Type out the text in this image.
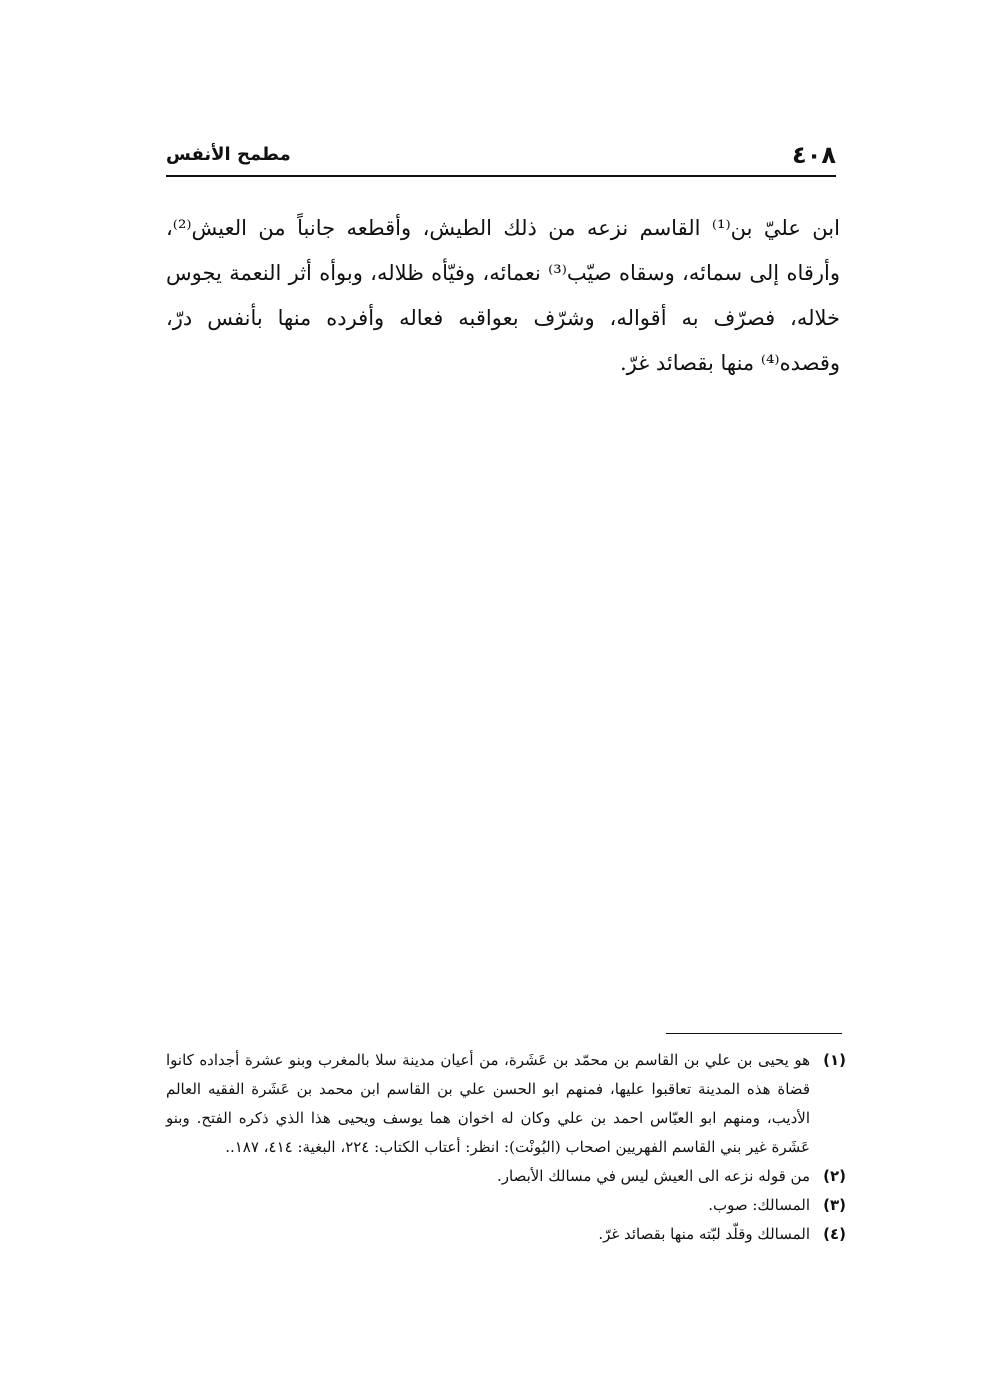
٤٠٨
مطمح الأنفس

ابن عليّ بن⁽¹⁾ القاسم نزعه من ذلك الطيش، وأقطعه جانباً من العيش⁽²⁾، وأرقاه إلى سمائه، وسقاه صيّب⁽³⁾ نعمائه، وفيّأه ظلاله، وبوأه أثر النعمة يجوس خلاله، فصرّف به أقواله، وشرّف بعواقبه فعاله وأفرده منها بأنفس درّ، وقصده⁽⁴⁾ منها بقصائد غرّ.

(١)
هو يحيى بن علي بن القاسم بن محمّد بن عَشَرة، من أعيان مدينة سلا بالمغرب وبنو عشرة أجداده كانوا قضاة هذه المدينة تعاقبوا عليها، فمنهم ابو الحسن علي بن القاسم ابن محمد بن عَشَرة الفقيه العالم الأديب، ومنهم ابو العبّاس احمد بن علي وكان له اخوان هما يوسف ويحيى هذا الذي ذكره الفتح. وبنو عَشَرة غير بني القاسم الفهريين اصحاب (البُونْت): انظر: أعتاب الكتاب: ٢٢٤، البغية: ٤١٤، ١٨٧..
(٢)
من قوله نزعه الى العيش ليس في مسالك الأبصار.
(٣)
المسالك: صوب.
(٤)
المسالك وقلّد لبّته منها بقصائد غرّ.
